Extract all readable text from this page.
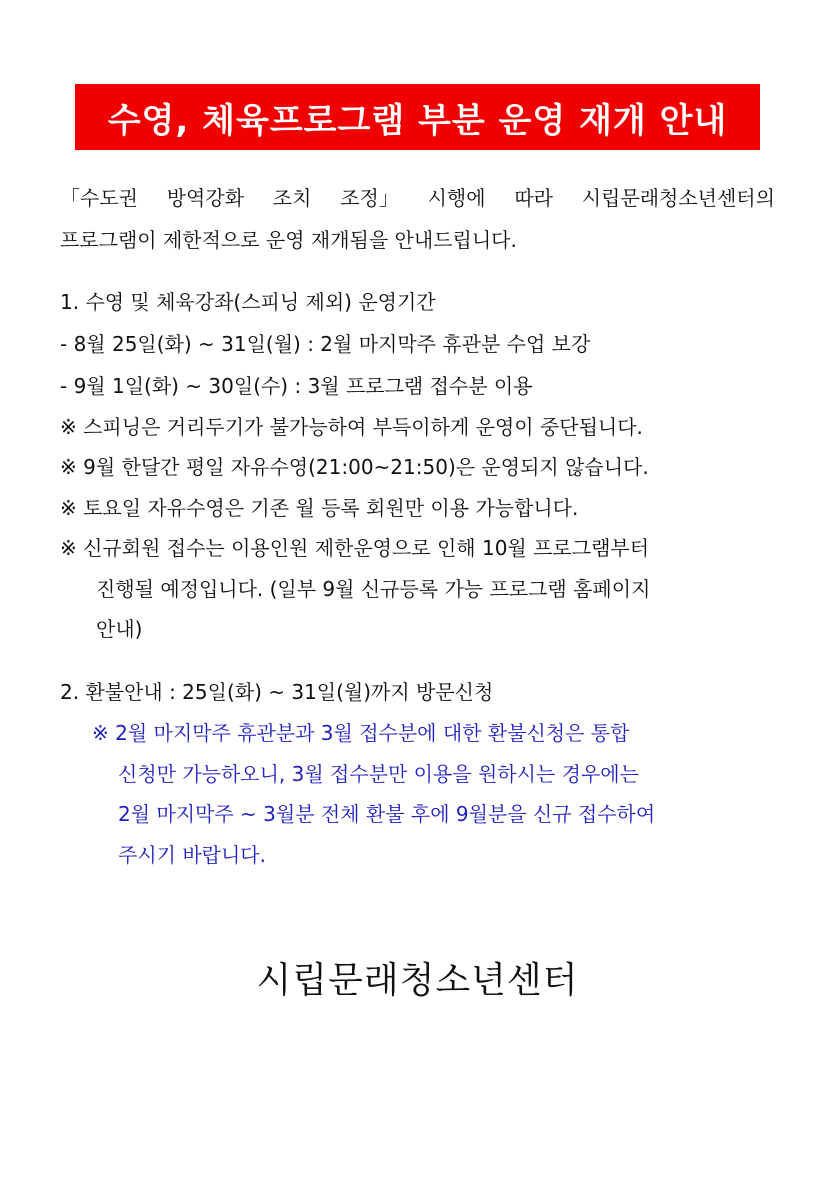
수영, 체육프로그램 부분 운영 재개 안내
「수도권 방역강화 조치 조정」 시행에 따라 시립문래청소년센터의
프로그램이 제한적으로 운영 재개됨을 안내드립니다.
1. 수영 및 체육강좌(스피닝 제외) 운영기간
- 8월 25일(화) ~ 31일(월) : 2월 마지막주 휴관분 수업 보강
- 9월 1일(화) ~ 30일(수) : 3월 프로그램 접수분 이용
※ 스피닝은 거리두기가 불가능하여 부득이하게 운영이 중단됩니다.
※ 9월 한달간 평일 자유수영(21:00~21:50)은 운영되지 않습니다.
※ 토요일 자유수영은 기존 월 등록 회원만 이용 가능합니다.
※ 신규회원 접수는 이용인원 제한운영으로 인해 10월 프로그램부터
진행될 예정입니다. (일부 9월 신규등록 가능 프로그램 홈페이지
안내)
2. 환불안내 : 25일(화) ~ 31일(월)까지 방문신청
※ 2월 마지막주 휴관분과 3월 접수분에 대한 환불신청은 통합
신청만 가능하오니, 3월 접수분만 이용을 원하시는 경우에는
2월 마지막주 ~ 3월분 전체 환불 후에 9월분을 신규 접수하여
주시기 바랍니다.
시립문래청소년센터
